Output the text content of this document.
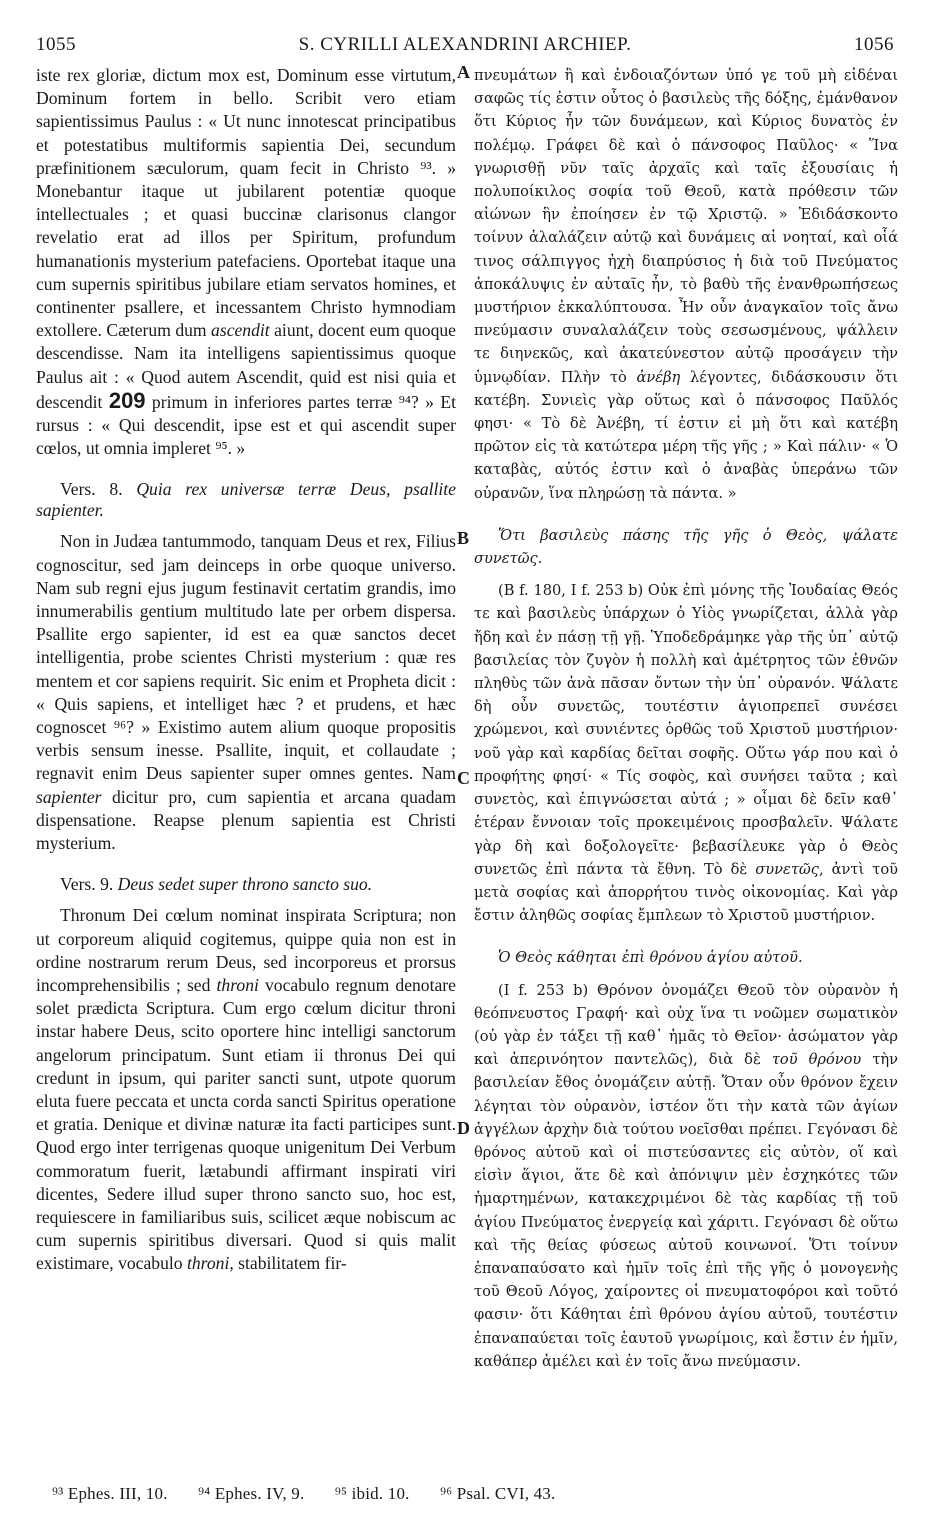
1055	S. CYRILLI ALEXANDRINI ARCHIEP.	1056
A
B
C
D

iste rex gloriæ, dictum mox est, Dominum esse virtutum, Dominum fortem in bello. Scribit vero etiam sapientissimus Paulus : « Ut nunc innotescat principatibus et potestatibus multiformis sapientia Dei, secundum præfinitionem sæculorum, quam fecit in Christo ⁹³. » Monebantur itaque ut jubilarent potentiæ quoque intellectuales ; et quasi buccinæ clarisonus clangor revelatio erat ad illos per Spiritum, profundum humanationis mysterium patefaciens. Oportebat itaque una cum supernis spiritibus jubilare etiam servatos homines, et continenter psallere, et incessantem Christo hymnodiam extollere. Cæterum dum ascendit aiunt, docent eum quoque descendisse. Nam ita intelligens sapientissimus quoque Paulus ait : « Quod autem Ascendit, quid est nisi quia et descendit 209 primum in inferiores partes terræ ⁹⁴? » Et rursus : « Qui descendit, ipse est et qui ascendit super cœlos, ut omnia impleret ⁹⁵. »

Vers. 8. Quia rex universæ terræ Deus, psallite sapienter.

Non in Judæa tantummodo, tanquam Deus et rex, Filius cognoscitur, sed jam deinceps in orbe quoque universo. Nam sub regni ejus jugum festinavit certatim grandis, imo innumerabilis gentium multitudo late per orbem dispersa. Psallite ergo sapienter, id est ea quæ sanctos decet intelligentia, probe scientes Christi mysterium : quæ res mentem et cor sapiens requirit. Sic enim et Propheta dicit : « Quis sapiens, et intelliget hæc ? et prudens, et hæc cognoscet ⁹⁶? » Existimo autem alium quoque propositis verbis sensum inesse. Psallite, inquit, et collaudate ; regnavit enim Deus sapienter super omnes gentes. Nam sapienter dicitur pro, cum sapientia et arcana quadam dispensatione. Reapse plenum sapientia est Christi mysterium.

Vers. 9. Deus sedet super throno sancto suo.

Thronum Dei cœlum nominat inspirata Scriptura; non ut corporeum aliquid cogitemus, quippe quia non est in ordine nostrarum rerum Deus, sed incorporeus et prorsus incomprehensibilis ; sed throni vocabulo regnum denotare solet prædicta Scriptura. Cum ergo cœlum dicitur throni instar habere Deus, scito oportere hinc intelligi sanctorum angelorum principatum. Sunt etiam ii thronus Dei qui credunt in ipsum, qui pariter sancti sunt, utpote quorum eluta fuere peccata et uncta corda sancti Spiritus operatione et gratia. Denique et divinæ naturæ ita facti participes sunt. Quod ergo inter terrigenas quoque unigenitum Dei Verbum commoratum fuerit, lætabundi affirmant inspirati viri dicentes, Sedere illud super throno sancto suo, hoc est, requiescere in familiaribus suis, scilicet æque nobiscum ac cum supernis spiritibus diversari. Quod si quis malit existimare, vocabulo throni, stabilitatem fir-

πνευμάτων ἢ καὶ ἐνδοιαζόντων ὑπό γε τοῦ μὴ εἰδέναι σαφῶς τίς ἐστιν οὗτος ὁ βασιλεὺς τῆς δόξης, ἐμάνθανον ὅτι Κύριος ἦν τῶν δυνάμεων, καὶ Κύριος δυνατὸς ἐν πολέμῳ. Γράφει δὲ καὶ ὁ πάνσοφος Παῦλος· « Ἵνα γνωρισθῇ νῦν ταῖς ἀρχαῖς καὶ ταῖς ἐξουσίαις ἡ πολυποίκιλος σοφία τοῦ Θεοῦ, κατὰ πρόθεσιν τῶν αἰώνων ἣν ἐποίησεν ἐν τῷ Χριστῷ. » Ἐδιδάσκοντο τοίνυν ἀλαλάζειν αὐτῷ καὶ δυνάμεις αἱ νοηταί, καὶ οἷά τινος σάλπιγγος ἠχὴ διαπρύσιος ἡ διὰ τοῦ Πνεύματος ἀποκάλυψις ἐν αὐταῖς ἦν, τὸ βαθὺ τῆς ἐνανθρωπήσεως μυστήριον ἐκκαλύπτουσα. Ἦν οὖν ἀναγκαῖον τοῖς ἄνω πνεύμασιν συναλαλάζειν τοὺς σεσωσμένους, ψάλλειν τε διηνεκῶς, καὶ ἀκατεύνεστον αὐτῷ προσάγειν τὴν ὑμνῳδίαν. Πλὴν τὸ ἀνέβη λέγοντες, διδάσκουσιν ὅτι κατέβη. Συνιεὶς γὰρ οὕτως καὶ ὁ πάνσοφος Παῦλός φησι· « Τὸ δὲ Ἀνέβη, τί ἐστιν εἰ μὴ ὅτι καὶ κατέβη πρῶτον εἰς τὰ κατώτερα μέρη τῆς γῆς ; » Καὶ πάλιν· « Ὁ καταβὰς, αὐτός ἐστιν καὶ ὁ ἀναβὰς ὑπεράνω τῶν οὐρανῶν, ἵνα πληρώσῃ τὰ πάντα. »

Ὅτι βασιλεὺς πάσης τῆς γῆς ὁ Θεὸς, ψάλατε συνετῶς.

(B f. 180, I f. 253 b) Οὐκ ἐπὶ μόνης τῆς Ἰουδαίας Θεός τε καὶ βασιλεὺς ὑπάρχων ὁ Υἱὸς γνωρίζεται, ἀλλὰ γὰρ ἤδη καὶ ἐν πάσῃ τῇ γῇ. Ὑποδεδράμηκε γὰρ τῆς ὑπ᾽ αὐτῷ βασιλείας τὸν ζυγὸν ἡ πολλὴ καὶ ἀμέτρητος τῶν ἐθνῶν πληθὺς τῶν ἀνὰ πᾶσαν ὄντων τὴν ὑπ᾽ οὐρανόν. Ψάλατε δὴ οὖν συνετῶς, τουτέστιν ἁγιοπρεπεῖ συνέσει χρώμενοι, καὶ συνιέντες ὀρθῶς τοῦ Χριστοῦ μυστήριον· νοῦ γὰρ καὶ καρδίας δεῖται σοφῆς. Οὕτω γάρ που καὶ ὁ προφήτης φησί· « Τίς σοφὸς, καὶ συνήσει ταῦτα ; καὶ συνετὸς, καὶ ἐπιγνώσεται αὐτά ; » οἶμαι δὲ δεῖν καθ᾽ ἑτέραν ἔννοιαν τοῖς προκειμένοις προσβαλεῖν. Ψάλατε γὰρ δὴ καὶ δοξολογεῖτε· βεβασίλευκε γὰρ ὁ Θεὸς συνετῶς ἐπὶ πάντα τὰ ἔθνη. Τὸ δὲ συνετῶς, ἀντὶ τοῦ μετὰ σοφίας καὶ ἀπορρήτου τινὸς οἰκονομίας. Καὶ γὰρ ἔστιν ἀληθῶς σοφίας ἔμπλεων τὸ Χριστοῦ μυστήριον.

Ὁ Θεὸς κάθηται ἐπὶ θρόνου ἁγίου αὐτοῦ.

(I f. 253 b) Θρόνον ὀνομάζει Θεοῦ τὸν οὐρανὸν ἡ θεόπνευστος Γραφή· καὶ οὐχ ἵνα τι νοῶμεν σωματικὸν (οὐ γὰρ ἐν τάξει τῇ καθ᾽ ἡμᾶς τὸ Θεῖον· ἀσώματον γὰρ καὶ ἀπερινόητον παντελῶς), διὰ δὲ τοῦ θρόνου τὴν βασιλείαν ἔθος ὀνομάζειν αὐτῇ. Ὅταν οὖν θρόνον ἔχειν λέγηται τὸν οὐρανὸν, ἰστέον ὅτι τὴν κατὰ τῶν ἁγίων ἀγγέλων ἀρχὴν διὰ τούτου νοεῖσθαι πρέπει. Γεγόνασι δὲ θρόνος αὐτοῦ καὶ οἱ πιστεύσαντες εἰς αὐτὸν, οἵ καὶ εἰσὶν ἅγιοι, ἅτε δὲ καὶ ἀπόνιψιν μὲν ἐσχηκότες τῶν ἡμαρτημένων, κατακεχριμένοι δὲ τὰς καρδίας τῇ τοῦ ἁγίου Πνεύματος ἐνεργείᾳ καὶ χάριτι. Γεγόνασι δὲ οὕτω καὶ τῆς θείας φύσεως αὐτοῦ κοινωνοί. Ὅτι τοίνυν ἐπαναπαύσατο καὶ ἡμῖν τοῖς ἐπὶ τῆς γῆς ὁ μονογενὴς τοῦ Θεοῦ Λόγος, χαίροντες οἱ πνευματοφόροι καὶ τοῦτό φασιν· ὅτι Κάθηται ἐπὶ θρόνου ἁγίου αὐτοῦ, τουτέστιν ἐπαναπαύεται τοῖς ἑαυτοῦ γνωρίμοις, καὶ ἔστιν ἐν ἡμῖν, καθάπερ ἀμέλει καὶ ἐν τοῖς ἄνω πνεύμασιν.

⁹³ Ephes. III, 10. ⁹⁴ Ephes. IV, 9. ⁹⁵ ibid. 10. ⁹⁶ Psal. CVI, 43.
